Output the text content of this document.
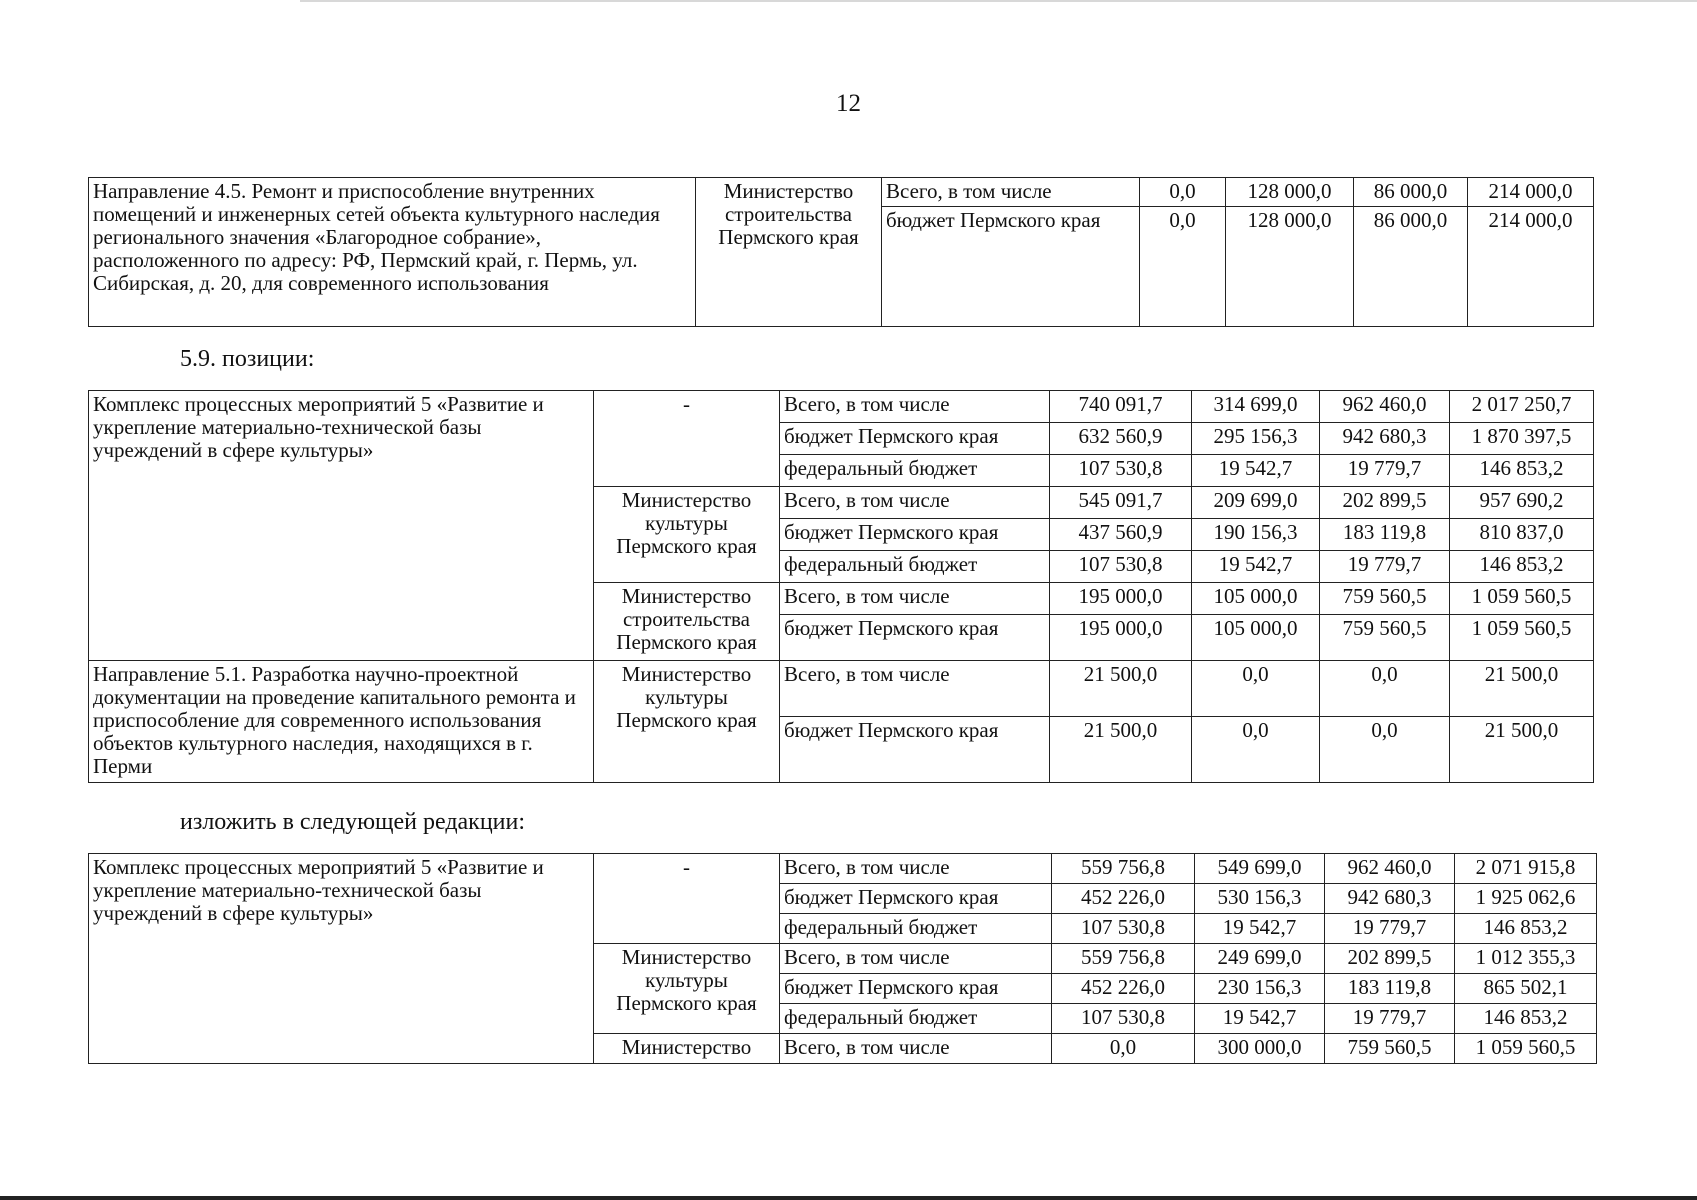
12
Направление 4.5. Ремонт и приспособление внутренних помещений и инженерных сетей объекта культурного наследия регионального значения «Благородное собрание», расположенного по адресу: РФ, Пермский край, г. Пермь, ул. Сибирская, д. 20, для современного использования	Министерство строительства Пермского края	Всего, в том числе	0,0	128 000,0	86 000,0	214 000,0
		бюджет Пермского края	0,0	128 000,0	86 000,0	214 000,0
5.9. позиции:
Комплекс процессных мероприятий 5 «Развитие и укрепление материально-технической базы учреждений в сфере культуры»	-	Всего, в том числе	740 091,7	314 699,0	962 460,0	2 017 250,7
		бюджет Пермского края	632 560,9	295 156,3	942 680,3	1 870 397,5
		федеральный бюджет	107 530,8	19 542,7	19 779,7	146 853,2
	Министерство культуры Пермского края	Всего, в том числе	545 091,7	209 699,0	202 899,5	957 690,2
		бюджет Пермского края	437 560,9	190 156,3	183 119,8	810 837,0
		федеральный бюджет	107 530,8	19 542,7	19 779,7	146 853,2
	Министерство строительства Пермского края	Всего, в том числе	195 000,0	105 000,0	759 560,5	1 059 560,5
		бюджет Пермского края	195 000,0	105 000,0	759 560,5	1 059 560,5
Направление 5.1. Разработка научно-проектной документации на проведение капитального ремонта и приспособление для современного использования объектов культурного наследия, находящихся в г. Перми	Министерство культуры Пермского края	Всего, в том числе	21 500,0	0,0	0,0	21 500,0
		бюджет Пермского края	21 500,0	0,0	0,0	21 500,0
изложить в следующей редакции:
Комплекс процессных мероприятий 5 «Развитие и укрепление материально-технической базы учреждений в сфере культуры»	-	Всего, в том числе	559 756,8	549 699,0	962 460,0	2 071 915,8
		бюджет Пермского края	452 226,0	530 156,3	942 680,3	1 925 062,6
		федеральный бюджет	107 530,8	19 542,7	19 779,7	146 853,2
	Министерство культуры Пермского края	Всего, в том числе	559 756,8	249 699,0	202 899,5	1 012 355,3
		бюджет Пермского края	452 226,0	230 156,3	183 119,8	865 502,1
		федеральный бюджет	107 530,8	19 542,7	19 779,7	146 853,2
	Министерство	Всего, в том числе	0,0	300 000,0	759 560,5	1 059 560,5
